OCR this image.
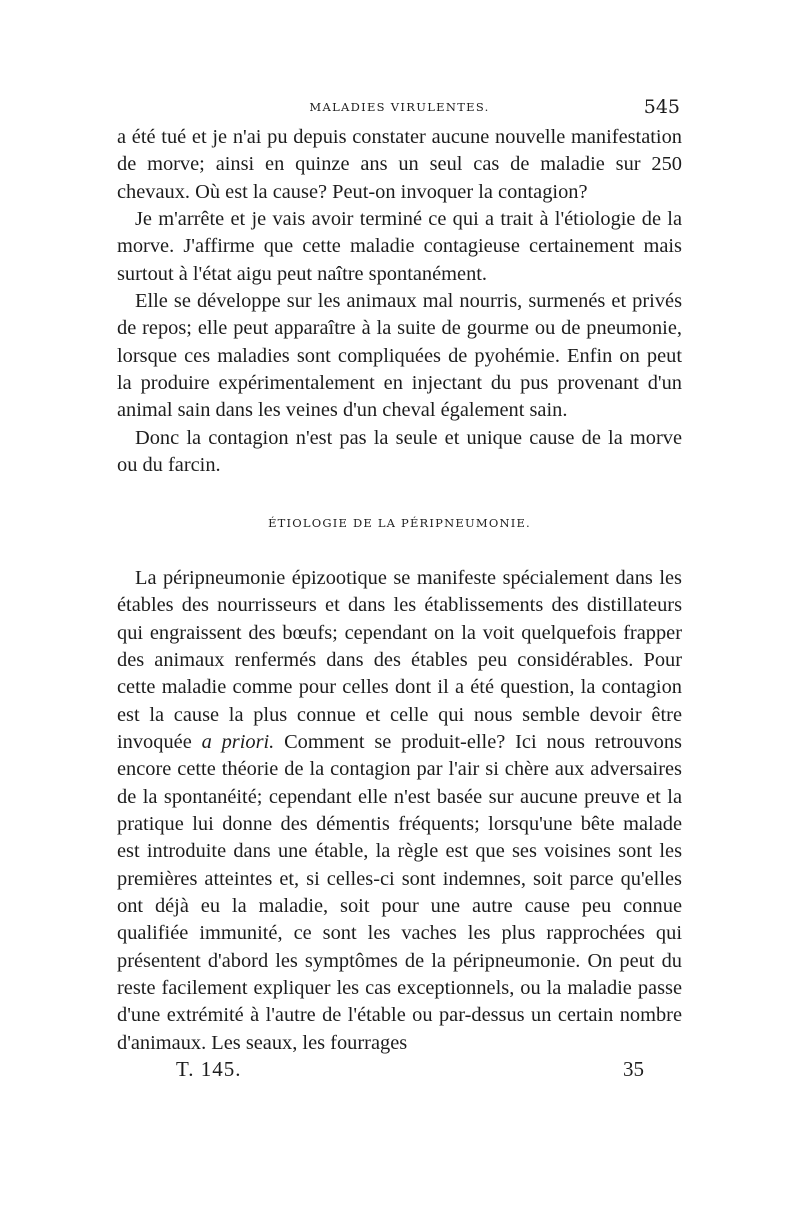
MALADIES VIRULENTES.	545

a été tué et je n'ai pu depuis constater aucune nouvelle manifestation de morve; ainsi en quinze ans un seul cas de maladie sur 250 chevaux. Où est la cause? Peut-on invoquer la contagion?

Je m'arrête et je vais avoir terminé ce qui a trait à l'étiologie de la morve. J'affirme que cette maladie contagieuse certainement mais surtout à l'état aigu peut naître spontanément.

Elle se développe sur les animaux mal nourris, surmenés et privés de repos; elle peut apparaître à la suite de gourme ou de pneumonie, lorsque ces maladies sont compliquées de pyohémie. Enfin on peut la produire expérimentalement en injectant du pus provenant d'un animal sain dans les veines d'un cheval également sain.

Donc la contagion n'est pas la seule et unique cause de la morve ou du farcin.

ÉTIOLOGIE DE LA PÉRIPNEUMONIE.

La péripneumonie épizootique se manifeste spécialement dans les étables des nourrisseurs et dans les établissements des distillateurs qui engraissent des bœufs; cependant on la voit quelquefois frapper des animaux renfermés dans des étables peu considérables. Pour cette maladie comme pour celles dont il a été question, la contagion est la cause la plus connue et celle qui nous semble devoir être invoquée a priori. Comment se produit-elle? Ici nous retrouvons encore cette théorie de la contagion par l'air si chère aux adversaires de la spontanéité; cependant elle n'est basée sur aucune preuve et la pratique lui donne des démentis fréquents; lorsqu'une bête malade est introduite dans une étable, la règle est que ses voisines sont les premières atteintes et, si celles-ci sont indemnes, soit parce qu'elles ont déjà eu la maladie, soit pour une autre cause peu connue qualifiée immunité, ce sont les vaches les plus rapprochées qui présentent d'abord les symptômes de la péripneumonie. On peut du reste facilement expliquer les cas exceptionnels, ou la maladie passe d'une extrémité à l'autre de l'étable ou par-dessus un certain nombre d'animaux. Les seaux, les fourrages

T. 145.	35
